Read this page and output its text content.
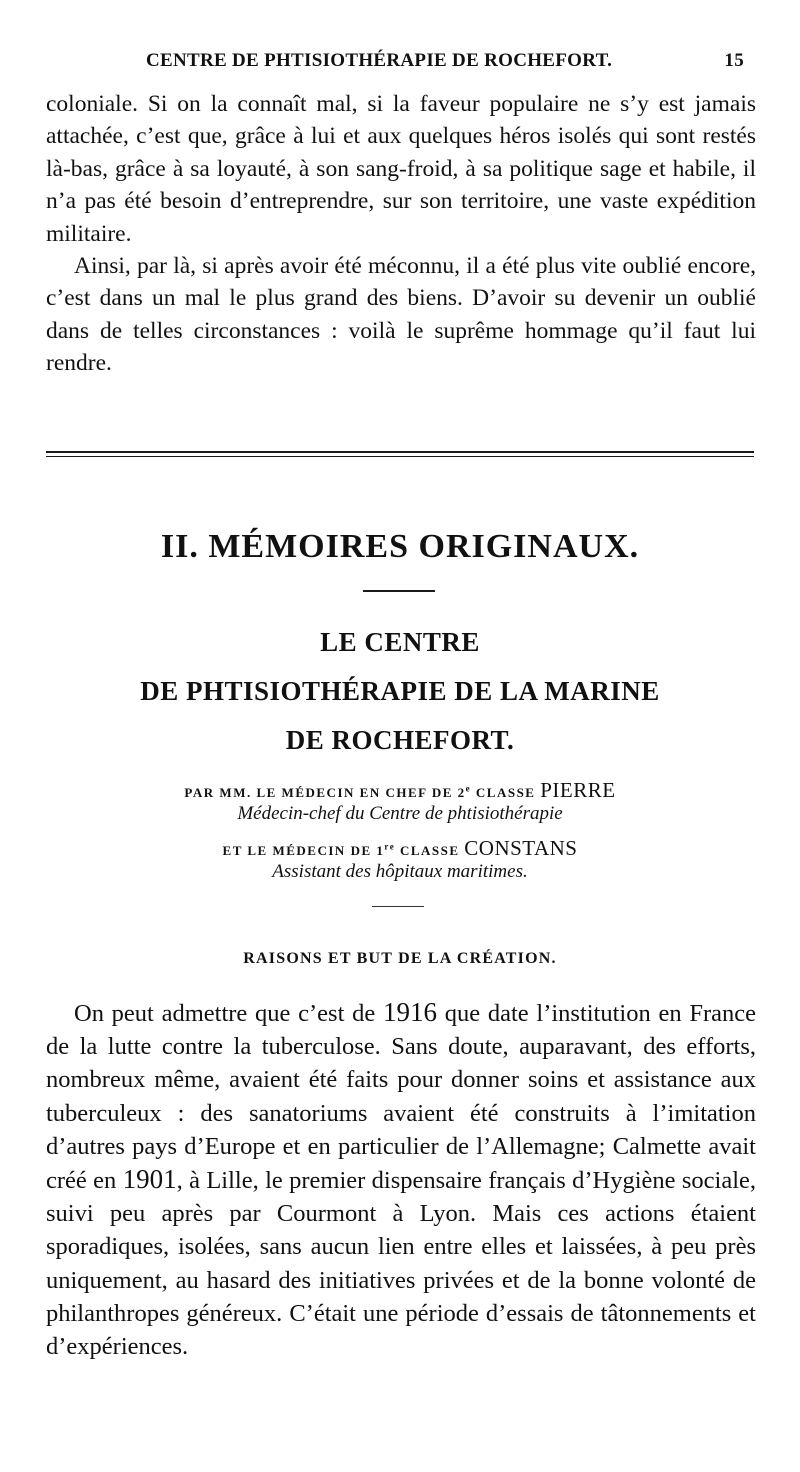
CENTRE DE PHTISIOTHÉRAPIE DE ROCHEFORT.	15

coloniale. Si on la connaît mal, si la faveur populaire ne s’y est jamais attachée, c’est que, grâce à lui et aux quelques héros isolés qui sont restés là-bas, grâce à sa loyauté, à son sang-froid, à sa politique sage et habile, il n’a pas été besoin d’entreprendre, sur son territoire, une vaste expédition militaire.

Ainsi, par là, si après avoir été méconnu, il a été plus vite oublié encore, c’est dans un mal le plus grand des biens. D’avoir su devenir un oublié dans de telles circonstances : voilà le suprême hommage qu’il faut lui rendre.

II. MÉMOIRES ORIGINAUX.
LE CENTRE
DE PHTISIOTHÉRAPIE DE LA MARINE
DE ROCHEFORT.
PAR MM. LE MÉDECIN EN CHEF DE 2e CLASSE PIERRE
Médecin-chef du Centre de phtisiothérapie
ET LE MÉDECIN DE 1re CLASSE CONSTANS
Assistant des hôpitaux maritimes.
RAISONS ET BUT DE LA CRÉATION.

On peut admettre que c’est de 1916 que date l’institution en France de la lutte contre la tuberculose. Sans doute, auparavant, des efforts, nombreux même, avaient été faits pour donner soins et assistance aux tuberculeux : des sanatoriums avaient été construits à l’imitation d’autres pays d’Europe et en particulier de l’Allemagne; Calmette avait créé en 1901, à Lille, le premier dispensaire français d’Hygiène sociale, suivi peu après par Courmont à Lyon. Mais ces actions étaient sporadiques, isolées, sans aucun lien entre elles et laissées, à peu près uniquement, au hasard des initiatives privées et de la bonne volonté de philanthropes généreux. C’était une période d’essais de tâtonnements et d’expériences.
